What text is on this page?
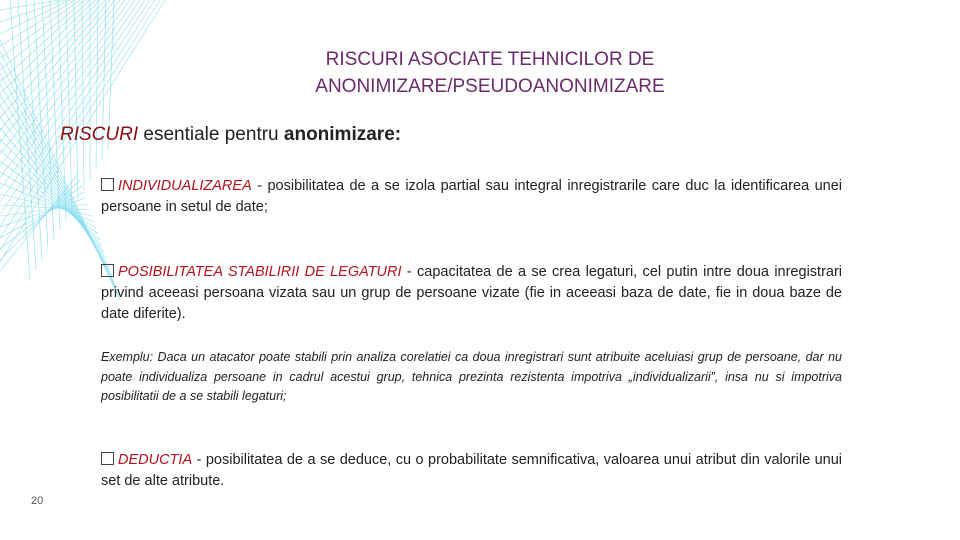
RISCURI ASOCIATE TEHNICILOR DE
ANONIMIZARE/PSEUDOANONIMIZARE
RISCURI esentiale pentru anonimizare:
INDIVIDUALIZAREA - posibilitatea de a se izola partial sau integral inregistrarile care duc la identificarea unei persoane in setul de date;
POSIBILITATEA STABILIRII DE LEGATURI - capacitatea de a se crea legaturi, cel putin intre doua inregistrari privind aceeasi persoana vizata sau un grup de persoane vizate (fie in aceeasi baza de date, fie in doua baze de date diferite).
Exemplu: Daca un atacator poate stabili prin analiza corelatiei ca doua inregistrari sunt atribuite aceluiasi grup de persoane, dar nu poate individualiza persoane in cadrul acestui grup, tehnica prezinta rezistenta impotriva „individualizarii”, insa nu si impotriva posibilitatii de a se stabili legaturi;
DEDUCTIA - posibilitatea de a se deduce, cu o probabilitate semnificativa, valoarea unui atribut din valorile unui set de alte atribute.
20
